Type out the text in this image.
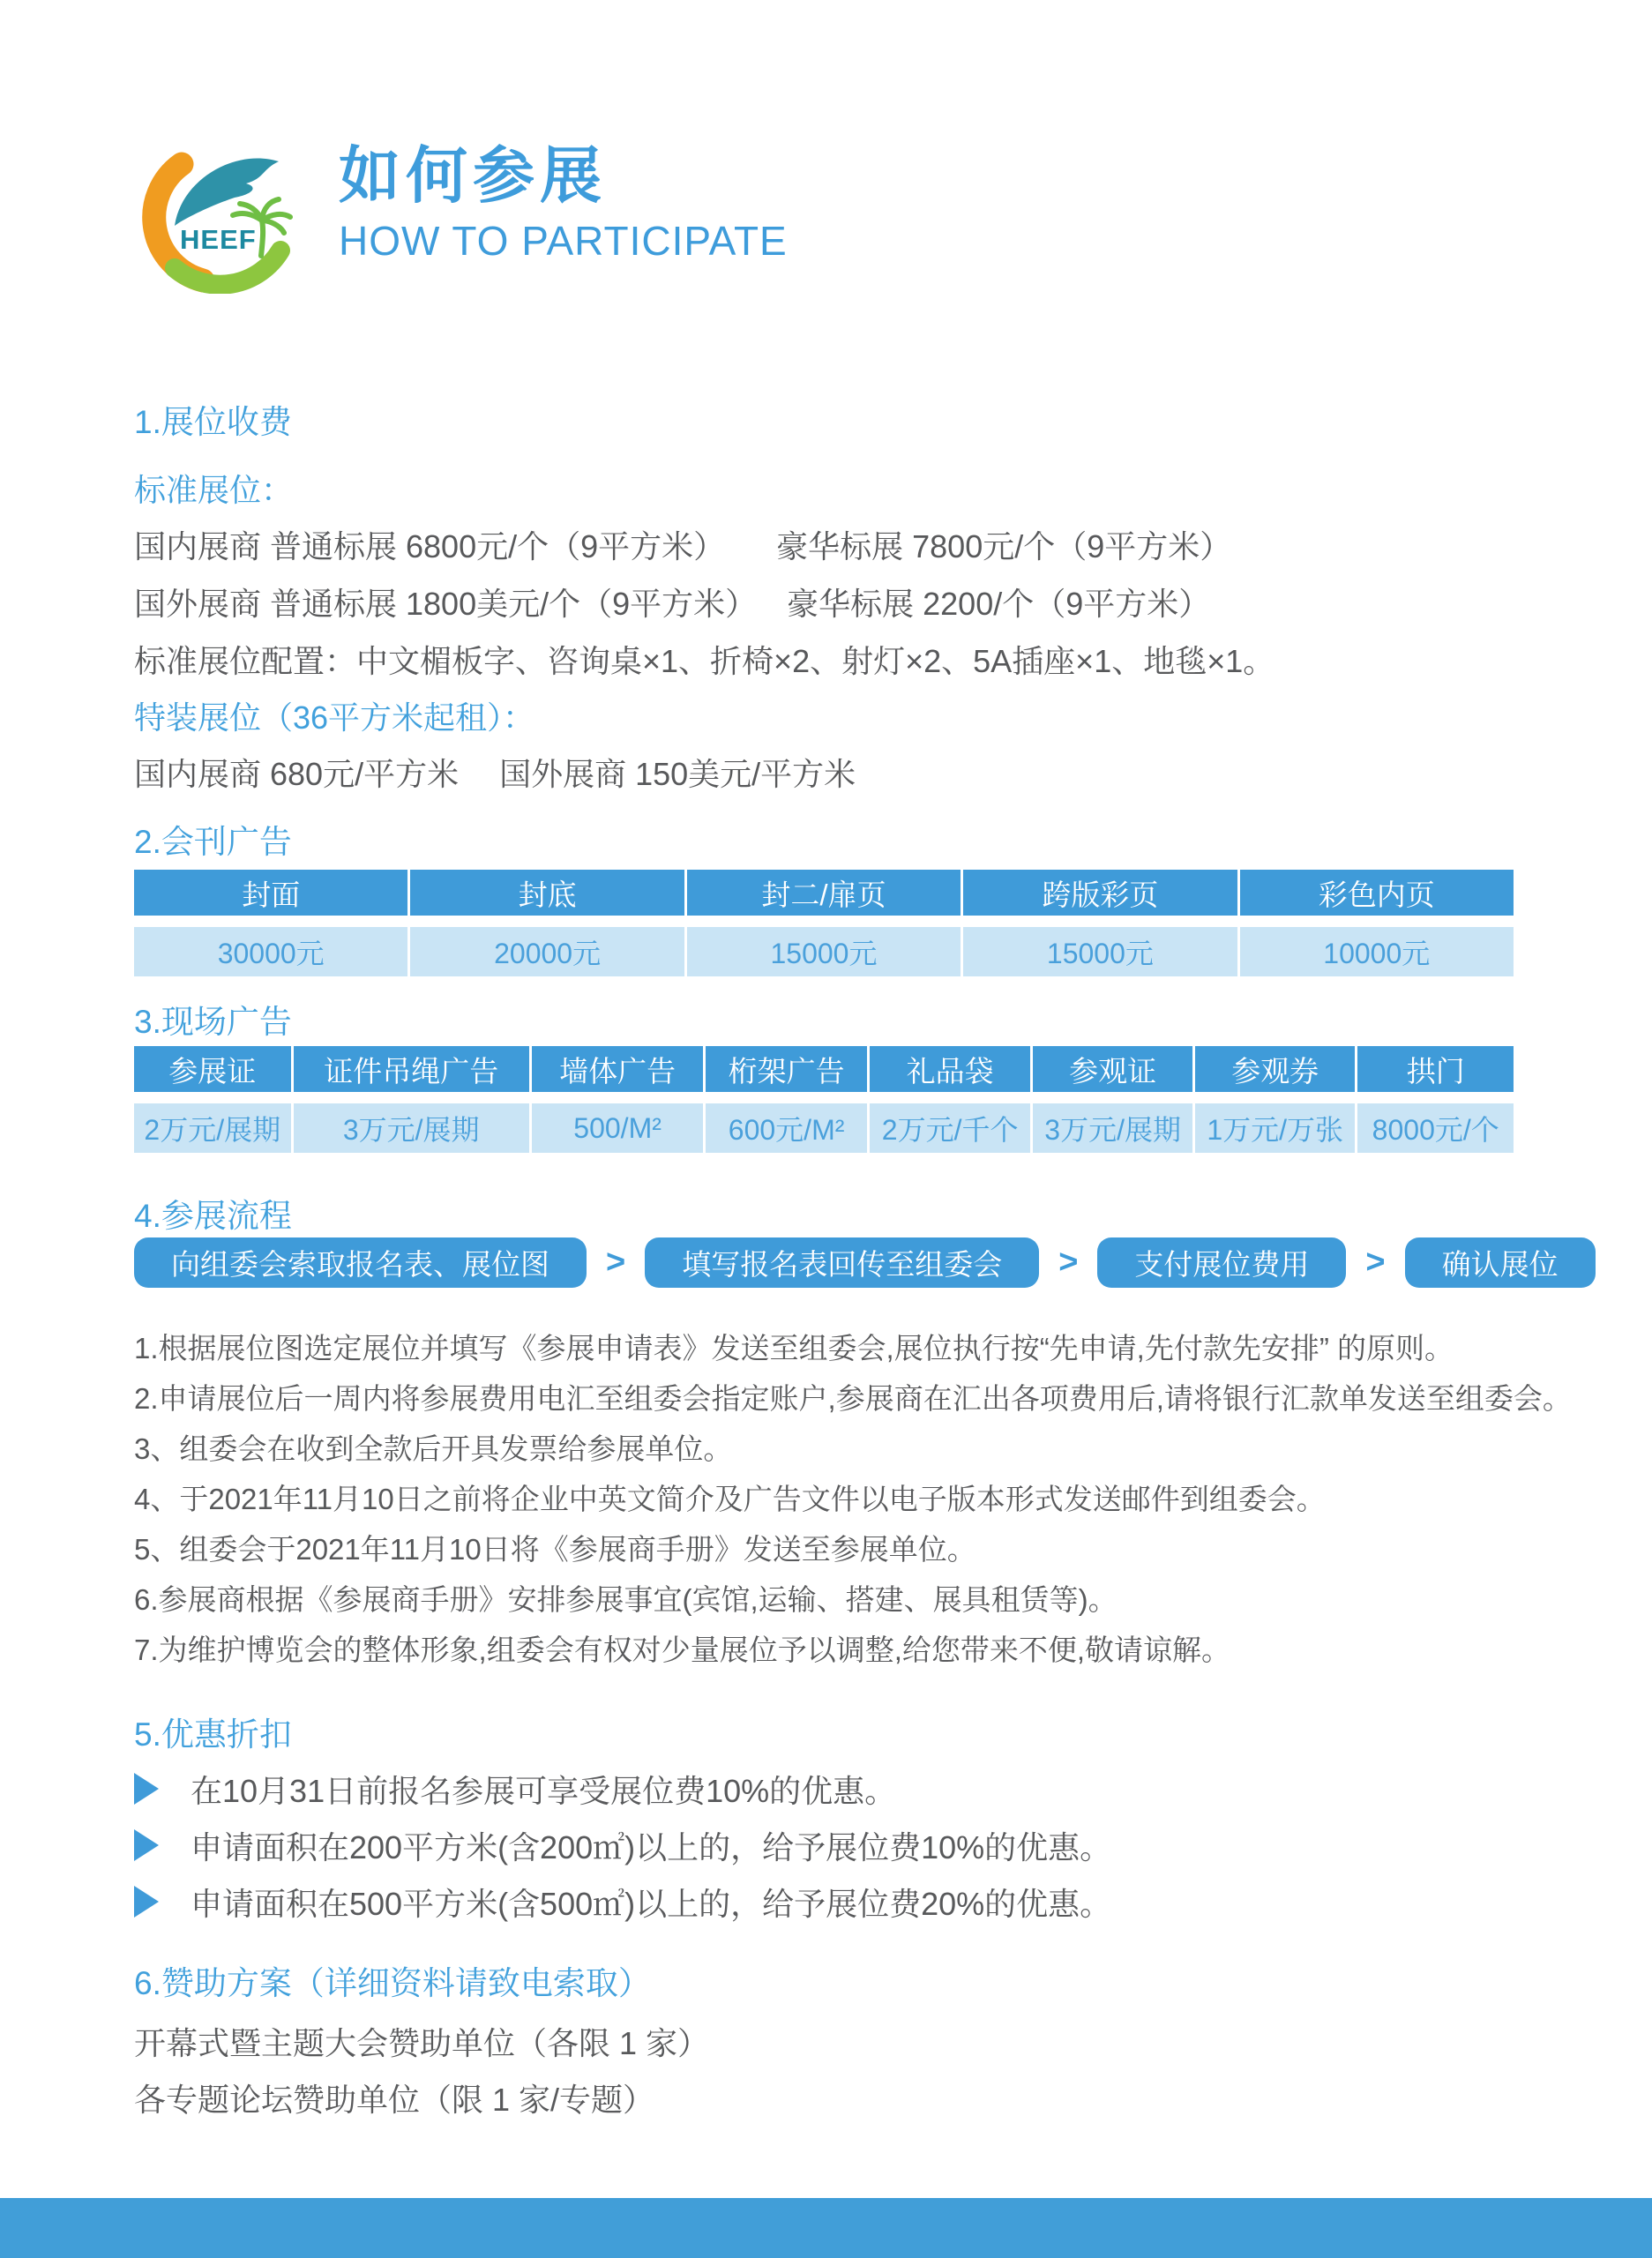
HEEF
如何参展
HOW TO PARTICIPATE
1.展位收费
标准展位：
国内展商 普通标展 6800元/个（9平方米） 豪华标展 7800元/个（9平方米）
国外展商 普通标展 1800美元/个（9平方米） 豪华标展 2200/个（9平方米）
标准展位配置：中文楣板字、咨询桌×1、折椅×2、射灯×2、5A插座×1、地毯×1。
特装展位（36平方米起租）：
国内展商 680元/平方米 国外展商 150美元/平方米
2.会刊广告
封面	封底	封二/扉页	跨版彩页	彩色内页
30000元	20000元	15000元	15000元	10000元
3.现场广告
参展证	证件吊绳广告	墙体广告	桁架广告	礼品袋	参观证	参观券	拱门
2万元/展期	3万元/展期	500/M²	600元/M²	2万元/千个 3万元/展期 1万元/万张	8000元/个
4.参展流程
向组委会索取报名表、展位图	>	填写报名表回传至组委会	>	支付展位费用	>	确认展位
1.根据展位图选定展位并填写《参展申请表》发送至组委会,展位执行按“先申请,先付款先安排” 的原则。
2.申请展位后一周内将参展费用电汇至组委会指定账户,参展商在汇出各项费用后,请将银行汇款单发送至组委会。
3、组委会在收到全款后开具发票给参展单位。
4、于2021年11月10日之前将企业中英文简介及广告文件以电子版本形式发送邮件到组委会。
5、组委会于2021年11月10日将《参展商手册》发送至参展单位。
6.参展商根据《参展商手册》安排参展事宜(宾馆,运输、搭建、展具租赁等)。
7.为维护博览会的整体形象,组委会有权对少量展位予以调整,给您带来不便,敬请谅解。
5.优惠折扣
在10月31日前报名参展可享受展位费10%的优惠。
申请面积在200平方米(含200㎡)以上的，给予展位费10%的优惠。
申请面积在500平方米(含500㎡)以上的，给予展位费20%的优惠。
6.赞助方案（详细资料请致电索取）
开幕式暨主题大会赞助单位（各限 1 家）
各专题论坛赞助单位（限 1 家/专题）
